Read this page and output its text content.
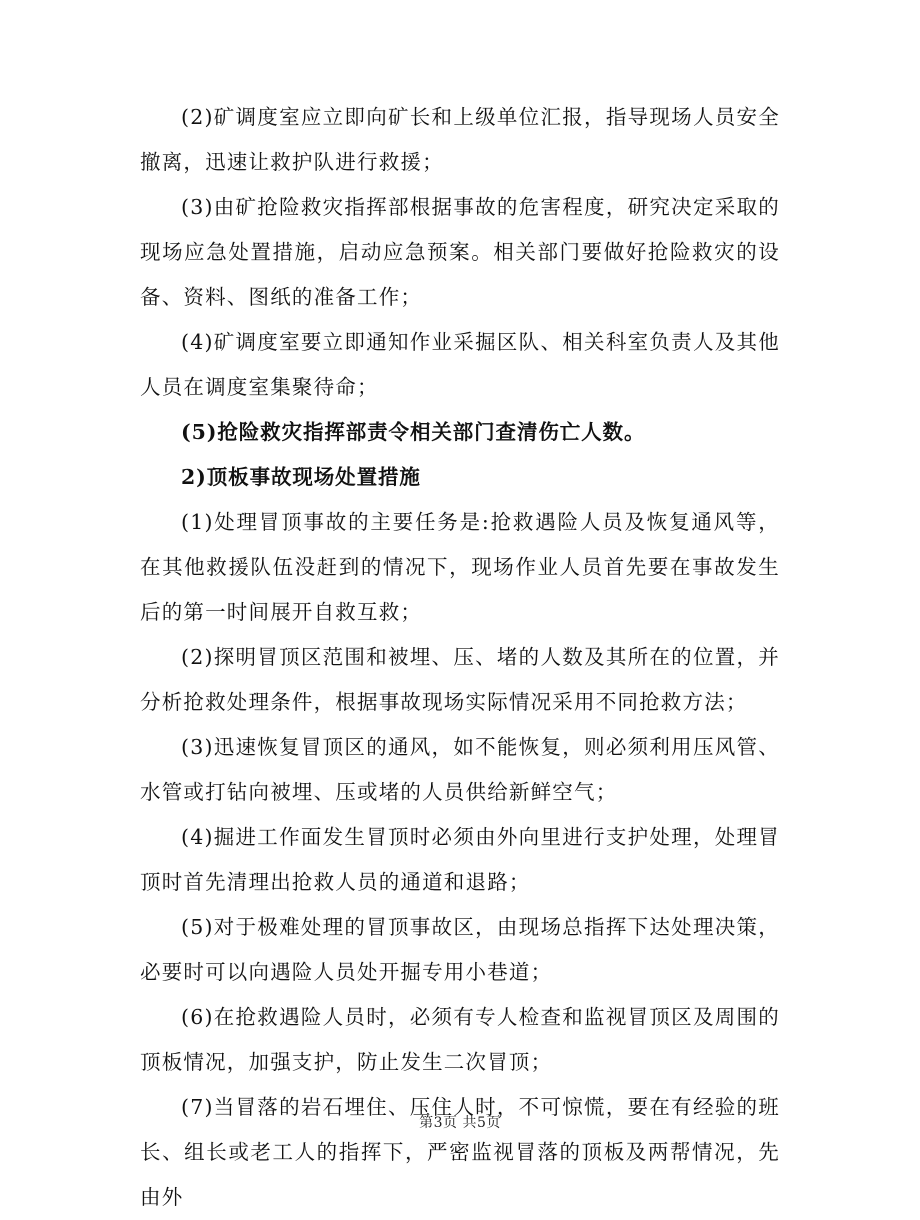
(2)矿调度室应立即向矿长和上级单位汇报，指导现场人员安全撤离，迅速让救护队进行救援；

(3)由矿抢险救灾指挥部根据事故的危害程度，研究决定采取的现场应急处置措施，启动应急预案。相关部门要做好抢险救灾的设备、资料、图纸的准备工作；

(4)矿调度室要立即通知作业采掘区队、相关科室负责人及其他人员在调度室集聚待命；

(5)抢险救灾指挥部责令相关部门查清伤亡人数。

2)顶板事故现场处置措施

(1)处理冒顶事故的主要任务是:抢救遇险人员及恢复通风等，在其他救援队伍没赶到的情况下，现场作业人员首先要在事故发生后的第一时间展开自救互救；

(2)探明冒顶区范围和被埋、压、堵的人数及其所在的位置，并分析抢救处理条件，根据事故现场实际情况采用不同抢救方法；

(3)迅速恢复冒顶区的通风，如不能恢复，则必须利用压风管、水管或打钻向被埋、压或堵的人员供给新鲜空气；

(4)掘进工作面发生冒顶时必须由外向里进行支护处理，处理冒顶时首先清理出抢救人员的通道和退路；

(5)对于极难处理的冒顶事故区，由现场总指挥下达处理决策，必要时可以向遇险人员处开掘专用小巷道；

(6)在抢救遇险人员时，必须有专人检查和监视冒顶区及周围的顶板情况，加强支护，防止发生二次冒顶；

(7)当冒落的岩石埋住、压住人时，不可惊慌，要在有经验的班长、组长或老工人的指挥下，严密监视冒落的顶板及两帮情况，先由外

第3页 共5页
